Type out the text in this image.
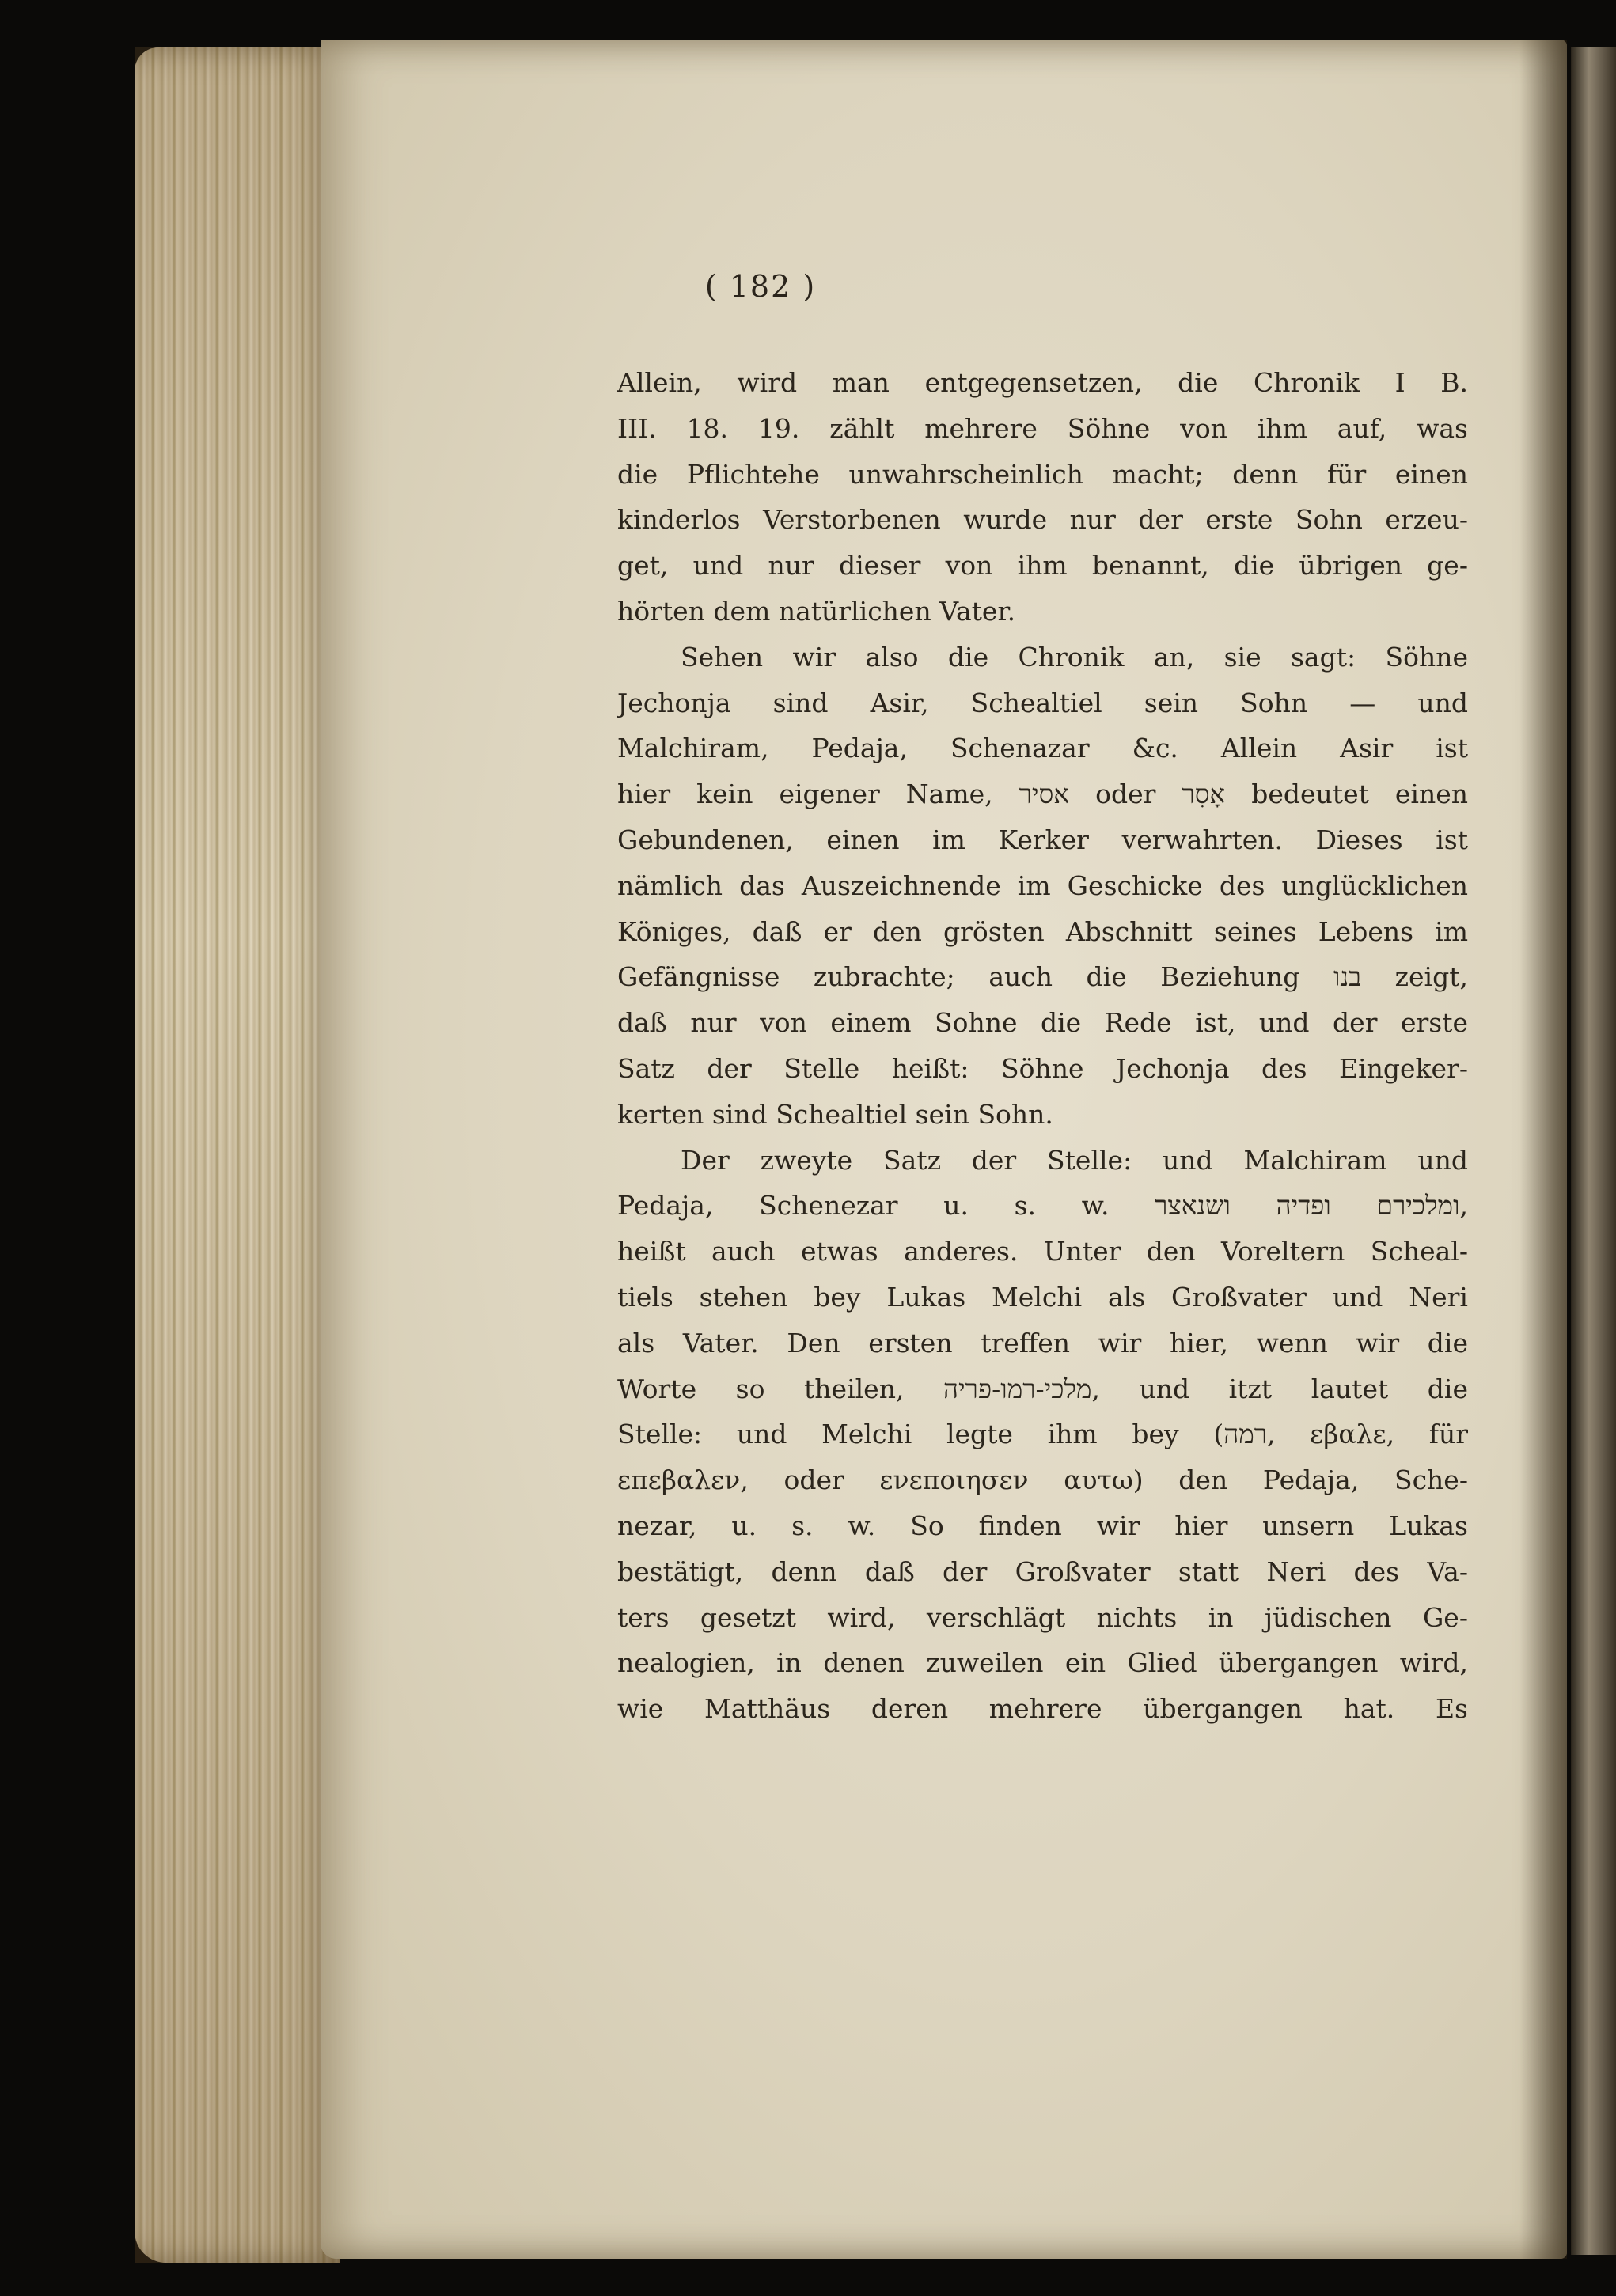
( 182 )
Allein, wird man entgegensetzen, die Chronik I B.
III. 18. 19. zählt mehrere Söhne von ihm auf, was
die Pflichtehe unwahrscheinlich macht; denn für einen
kinderlos Verstorbenen wurde nur der erste Sohn erzeu-
get, und nur dieser von ihm benannt, die übrigen ge-
hörten dem natürlichen Vater.
Sehen wir also die Chronik an, sie sagt: Söhne
Jechonja sind Asir, Schealtiel sein Sohn — und
Malchiram, Pedaja, Schenazar &c. Allein Asir ist
hier kein eigener Name, אסיר oder אָסִר bedeutet einen
Gebundenen, einen im Kerker verwahrten. Dieses ist
nämlich das Auszeichnende im Geschicke des unglücklichen
Königes, daß er den grösten Abschnitt seines Lebens im
Gefängnisse zubrachte; auch die Beziehung בנו zeigt,
daß nur von einem Sohne die Rede ist, und der erste
Satz der Stelle heißt: Söhne Jechonja des Eingeker-
kerten sind Schealtiel sein Sohn.
Der zweyte Satz der Stelle: und Malchiram und
Pedaja, Schenezar u. s. w. ומלכירם ופדיה ושנאצר,
heißt auch etwas anderes. Unter den Voreltern Scheal-
tiels stehen bey Lukas Melchi als Großvater und Neri
als Vater. Den ersten treffen wir hier, wenn wir die
Worte so theilen, מלכי-רמו-פריה, und itzt lautet die
Stelle: und Melchi legte ihm bey (רמה, εβαλε, für
επεβαλεν, oder ενεποιησεν αυτω) den Pedaja, Sche-
nezar, u. s. w. So finden wir hier unsern Lukas
bestätigt, denn daß der Großvater statt Neri des Va-
ters gesetzt wird, verschlägt nichts in jüdischen Ge-
nealogien, in denen zuweilen ein Glied übergangen wird,
wie Matthäus deren mehrere übergangen hat. Es
